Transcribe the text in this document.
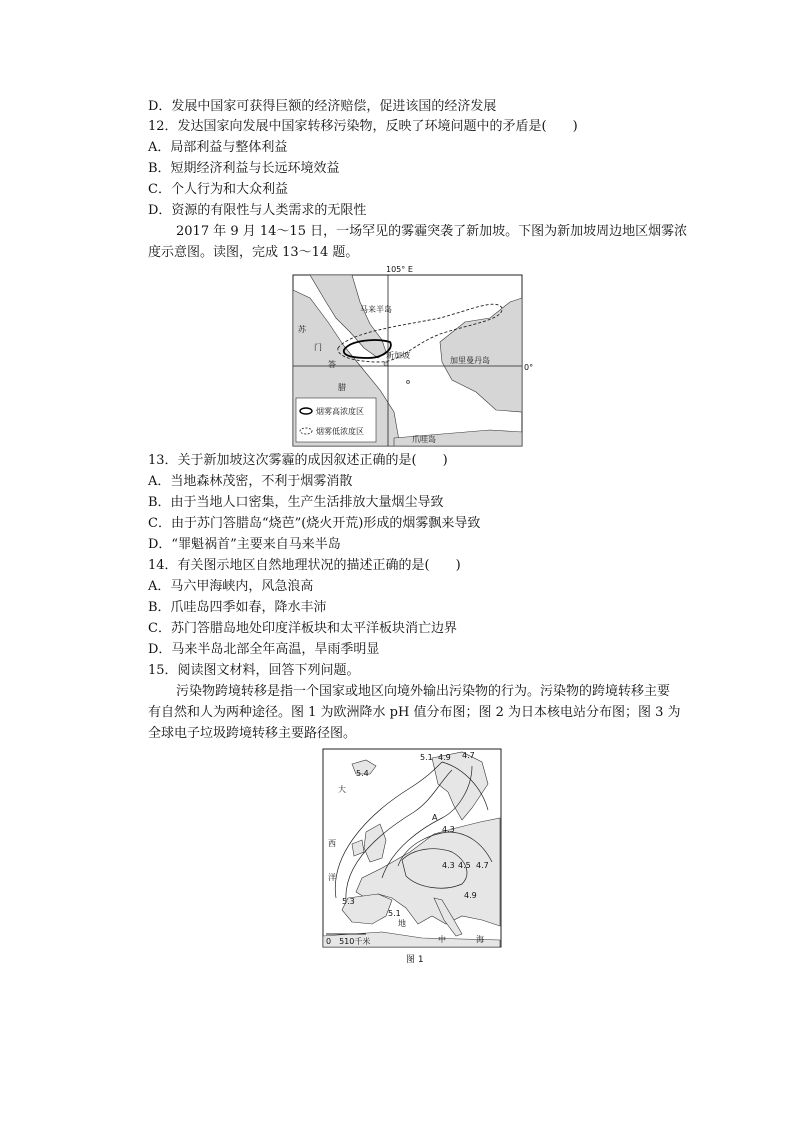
D．发展中国家可获得巨额的经济赔偿，促进该国的经济发展
12．发达国家向发展中国家转移污染物，反映了环境问题中的矛盾是(　　)
A．局部利益与整体利益
B．短期经济利益与长远环境效益
C．个人行为和大众利益
D．资源的有限性与人类需求的无限性
2017 年 9 月 14～15 日，一场罕见的雾霾突袭了新加坡。下图为新加坡周边地区烟雾浓
度示意图。读图，完成 13～14 题。
105° E
马来半岛
苏
门
答
腊
新加坡
加里曼丹岛
0°
爪哇岛
烟雾高浓度区
烟雾低浓度区
13．关于新加坡这次雾霾的成因叙述正确的是(　　)
A．当地森林茂密，不利于烟雾消散
B．由于当地人口密集，生产生活排放大量烟尘导致
C．由于苏门答腊岛“烧芭”(烧火开荒)形成的烟雾飘来导致
D．“罪魁祸首”主要来自马来半岛
14．有关图示地区自然地理状况的描述正确的是(　　)
A．马六甲海峡内，风急浪高
B．爪哇岛四季如春，降水丰沛
C．苏门答腊岛地处印度洋板块和太平洋板块消亡边界
D．马来半岛北部全年高温，旱雨季明显
15．阅读图文材料，回答下列问题。
污染物跨境转移是指一个国家或地区向境外输出污染物的行为。污染物的跨境转移主要
有自然和人为两种途径。图 1 为欧洲降水 pH 值分布图；图 2 为日本核电站分布图；图 3 为
全球电子垃圾跨境转移主要路径图。
5.4
5.1 4.9 4.7
A
4.3
4.3 4.5 4.7
4.9
5.3
5.1
大
西
洋
地
中	海
0　510千米
图 1
